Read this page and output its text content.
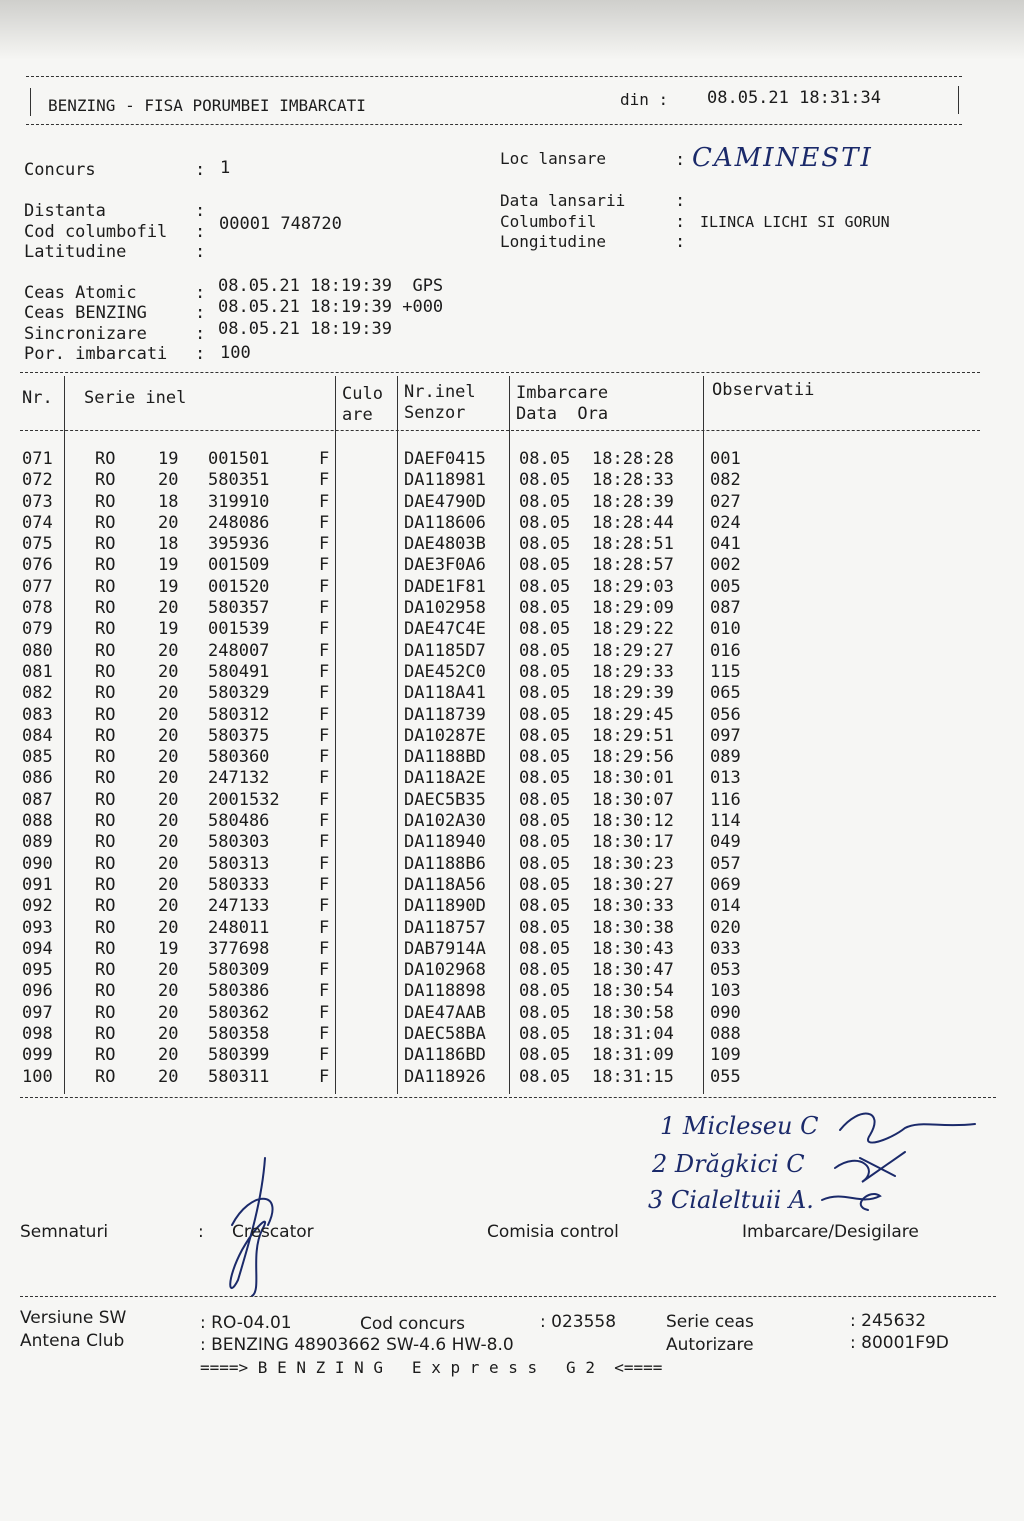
BENZING - FISA PORUMBEI IMBARCATI	din : 08.05.21 18:31:34
Concurs	: 1
Distanta	:
Cod columbofil : 00001 748720
Latitudine	:
Loc lansare	: CAMINESTI
Data lansarii	:
Columbofil	: ILINCA LICHI SI GORUN
Longitudine	:
Ceas Atomic	: 08.05.21 18:19:39  GPS
Ceas BENZING	: 08.05.21 18:19:39 +000
Sincronizare	: 08.05.21 18:19:39
Por. imbarcati : 100
Nr. Serie inel	Culo
are
Nr.inel
Senzor
Imbarcare
Data  Ora
Observatii
071 RO	19 001501	F	DAEF0415 08.05 18:28:28 001
072 RO	20 580351	F	DA118981 08.05 18:28:33 082
073 RO	18 319910	F	DAE4790D 08.05 18:28:39 027
074 RO	20 248086	F	DA118606 08.05 18:28:44 024
075 RO	18 395936	F	DAE4803B 08.05 18:28:51 041
076 RO	19 001509	F	DAE3F0A6 08.05 18:28:57 002
077 RO	19 001520	F	DADE1F81 08.05 18:29:03 005
078 RO	20 580357	F	DA102958 08.05 18:29:09 087
079 RO	19 001539	F	DAE47C4E 08.05 18:29:22 010
080 RO	20 248007	F	DA1185D7 08.05 18:29:27 016
081 RO	20 580491	F	DAE452C0 08.05 18:29:33 115
082 RO	20 580329	F	DA118A41 08.05 18:29:39 065
083 RO	20 580312	F	DA118739 08.05 18:29:45 056
084 RO	20 580375	F	DA10287E 08.05 18:29:51 097
085 RO	20 580360	F	DA1188BD 08.05 18:29:56 089
086 RO	20 247132	F	DA118A2E 08.05 18:30:01 013
087 RO	20 2001532 F	DAEC5B35 08.05 18:30:07 116
088 RO	20 580486	F	DA102A30 08.05 18:30:12 114
089 RO	20 580303	F	DA118940 08.05 18:30:17 049
090 RO	20 580313	F	DA1188B6 08.05 18:30:23 057
091 RO	20 580333	F	DA118A56 08.05 18:30:27 069
092 RO	20 247133	F	DA11890D 08.05 18:30:33 014
093 RO	20 248011	F	DA118757 08.05 18:30:38 020
094 RO	19 377698	F	DAB7914A 08.05 18:30:43 033
095 RO	20 580309	F	DA102968 08.05 18:30:47 053
096 RO	20 580386	F	DA118898 08.05 18:30:54 103
097 RO	20 580362	F	DAE47AAB 08.05 18:30:58 090
098 RO	20 580358	F	DAEC58BA 08.05 18:31:04 088
099 RO	20 580399	F	DA1186BD 08.05 18:31:09 109
100 RO	20 580311	F	DA118926 08.05 18:31:15 055
1 Micleseu C
2 Drăgkici C
3 Cialeltuii A.
Semnaturi	: Crescator	Comisia control	Imbarcare/Desigilare
Versiune SW	: RO-04.01	Cod concurs	: 023558	Serie ceas	: 245632
Antena Club	: BENZING 48903662 SW-4.6 HW-8.0	Autorizare	: 80001F9D
====> B E N Z I N G   E x p r e s s   G 2  <====
